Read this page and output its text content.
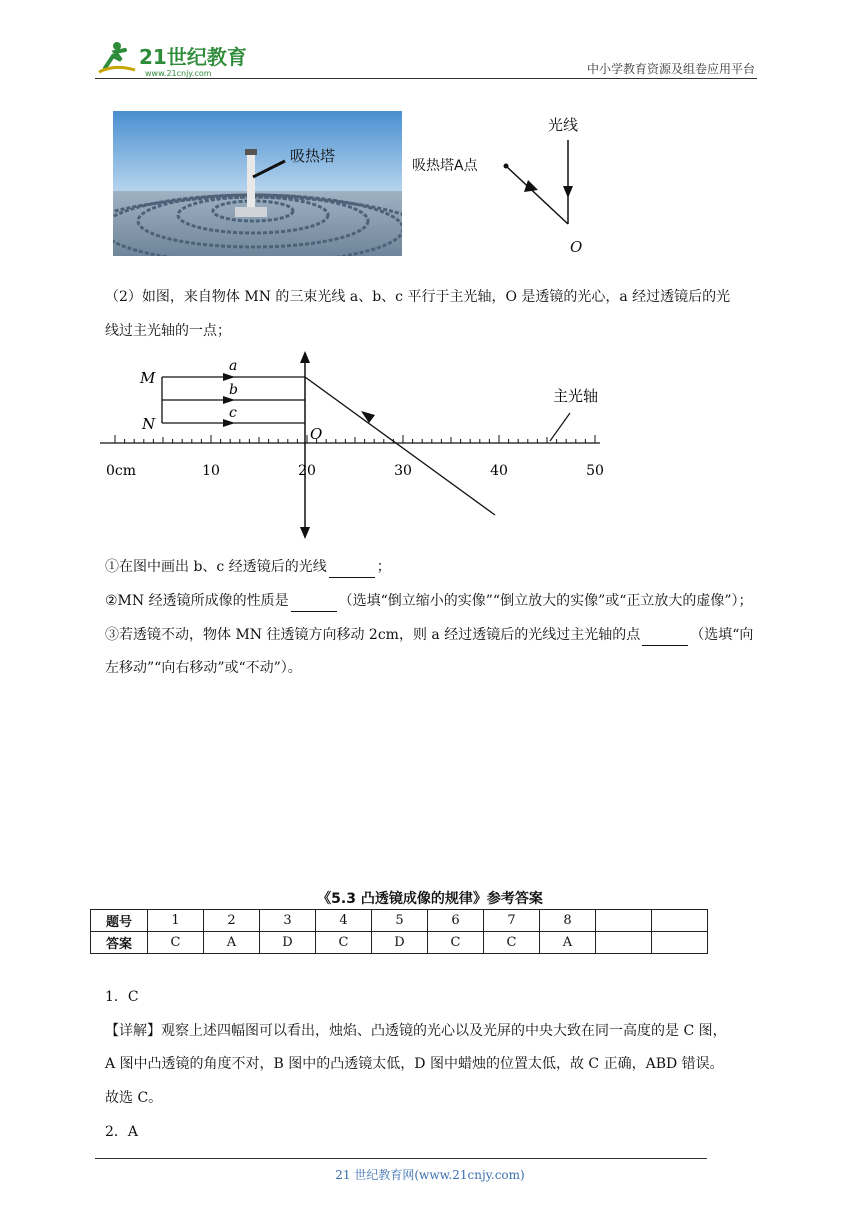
21世纪教育
www.21cnjy.com	中小学教育资源及组卷应用平台
吸热塔
光线
吸热塔A点
O
（2）如图，来自物体 MN 的三束光线 a、b、c 平行于主光轴，O 是透镜的光心，a 经过透镜后的光
线过主光轴的一点；
M
N
a
b
c
O
主光轴
0cm	10	20	30	40	50
①在图中画出 b、c 经透镜后的光线	；
②MN 经透镜所成像的性质是	（选填“倒立缩小的实像”“倒立放大的实像”或“正立放大的虚像”）；
③若透镜不动，物体 MN 往透镜方向移动 2cm，则 a 经过透镜后的光线过主光轴的点	（选填“向
左移动”“向右移动”或“不动”）。
《5.3 凸透镜成像的规律》参考答案
题号	1	2	3	4	5	6	7	8		
答案	C	A	D	C	D	C	C	A		
1．C
【详解】观察上述四幅图可以看出，烛焰、凸透镜的光心以及光屏的中央大致在同一高度的是 C 图，
A 图中凸透镜的角度不对，B 图中的凸透镜太低，D 图中蜡烛的位置太低，故 C 正确，ABD 错误。
故选 C。
2．A
21 世纪教育网(www.21cnjy.com)
